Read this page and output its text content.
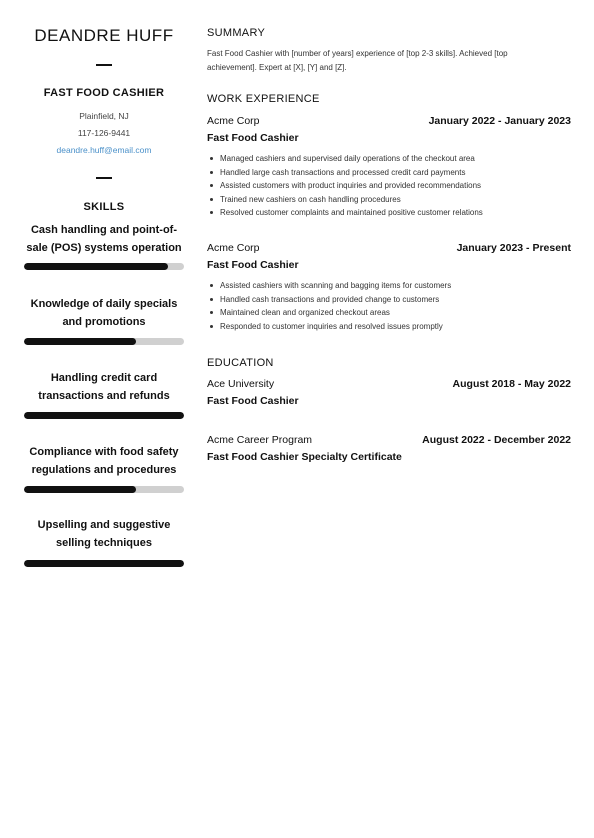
DEANDRE HUFF
FAST FOOD CASHIER
Plainfield, NJ
117-126-9441
deandre.huff@email.com
SKILLS
Cash handling and point-of-sale (POS) systems operation
Knowledge of daily specials and promotions
Handling credit card transactions and refunds
Compliance with food safety regulations and procedures
Upselling and suggestive selling techniques
SUMMARY
Fast Food Cashier with [number of years] experience of [top 2-3 skills]. Achieved [top achievement]. Expert at [X], [Y] and [Z].
WORK EXPERIENCE
Acme Corp	January 2022 - January 2023
Fast Food Cashier
Managed cashiers and supervised daily operations of the checkout area
Handled large cash transactions and processed credit card payments
Assisted customers with product inquiries and provided recommendations
Trained new cashiers on cash handling procedures
Resolved customer complaints and maintained positive customer relations
Acme Corp	January 2023 - Present
Fast Food Cashier
Assisted cashiers with scanning and bagging items for customers
Handled cash transactions and provided change to customers
Maintained clean and organized checkout areas
Responded to customer inquiries and resolved issues promptly
EDUCATION
Ace University	August 2018 - May 2022
Fast Food Cashier
Acme Career Program	August 2022 - December 2022
Fast Food Cashier Specialty Certificate
